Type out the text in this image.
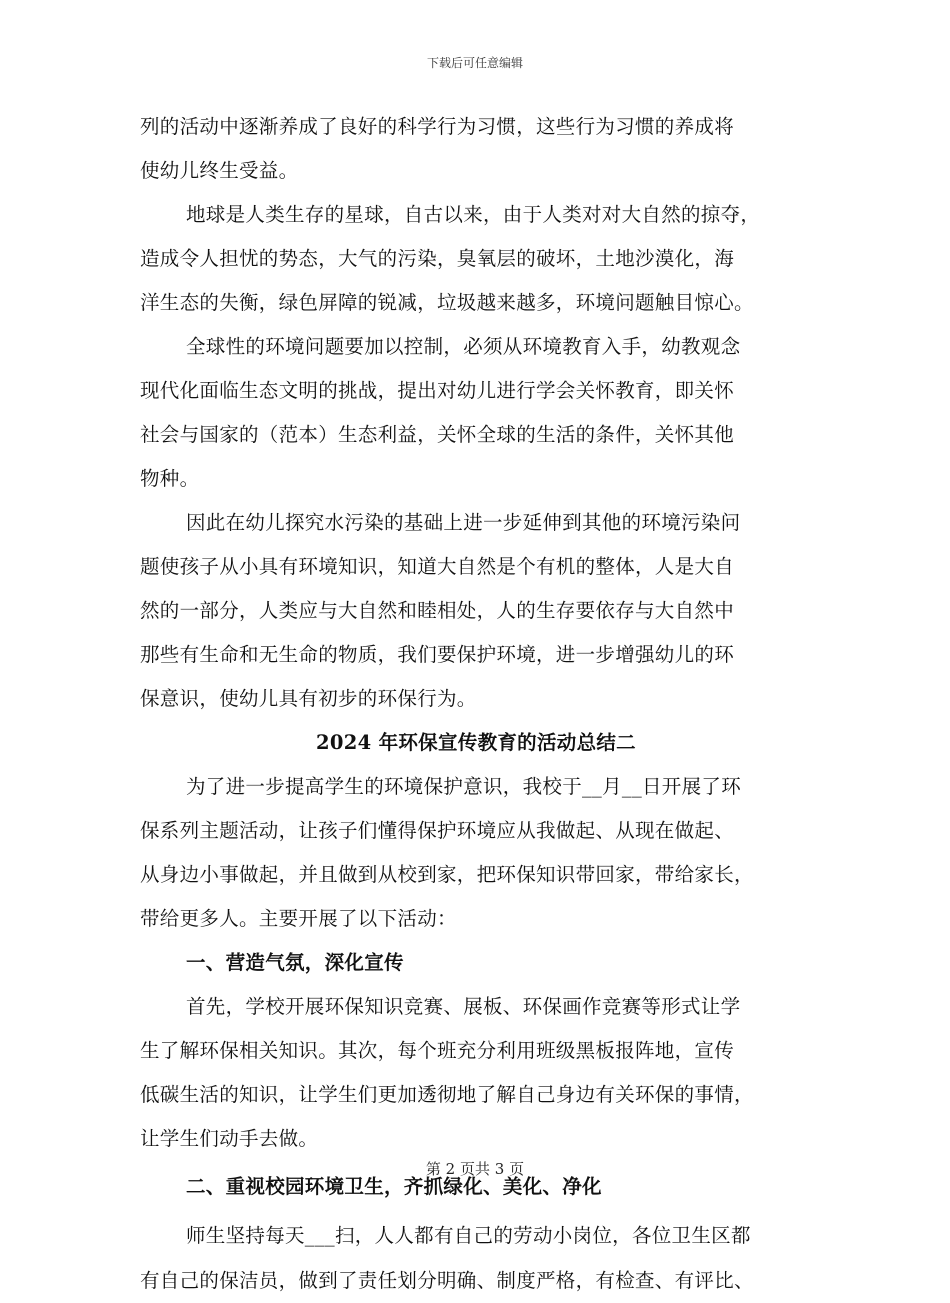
下载后可任意编辑
列的活动中逐渐养成了良好的科学行为习惯，这些行为习惯的养成将
使幼儿终生受益。
地球是人类生存的星球，自古以来，由于人类对对大自然的掠夺，
造成令人担忧的势态，大气的污染，臭氧层的破坏，土地沙漠化，海
洋生态的失衡，绿色屏障的锐减，垃圾越来越多，环境问题触目惊心。
全球性的环境问题要加以控制，必须从环境教育入手，幼教观念
现代化面临生态文明的挑战，提出对幼儿进行学会关怀教育，即关怀
社会与国家的（范本）生态利益，关怀全球的生活的条件，关怀其他
物种。
因此在幼儿探究水污染的基础上进一步延伸到其他的环境污染问
题使孩子从小具有环境知识，知道大自然是个有机的整体，人是大自
然的一部分，人类应与大自然和睦相处，人的生存要依存与大自然中
那些有生命和无生命的物质，我们要保护环境，进一步增强幼儿的环
保意识，使幼儿具有初步的环保行为。
2024 年环保宣传教育的活动总结二
为了进一步提高学生的环境保护意识，我校于__月__日开展了环
保系列主题活动，让孩子们懂得保护环境应从我做起、从现在做起、
从身边小事做起，并且做到从校到家，把环保知识带回家，带给家长，
带给更多人。主要开展了以下活动：
一、营造气氛，深化宣传
首先，学校开展环保知识竞赛、展板、环保画作竞赛等形式让学
生了解环保相关知识。其次，每个班充分利用班级黑板报阵地，宣传
低碳生活的知识，让学生们更加透彻地了解自己身边有关环保的事情，
让学生们动手去做。
二、重视校园环境卫生，齐抓绿化、美化、净化
师生坚持每天___扫，人人都有自己的劳动小岗位，各位卫生区都
有自己的保洁员，做到了责任划分明确、制度严格，有检查、有评比、
第 2 页共 3 页
